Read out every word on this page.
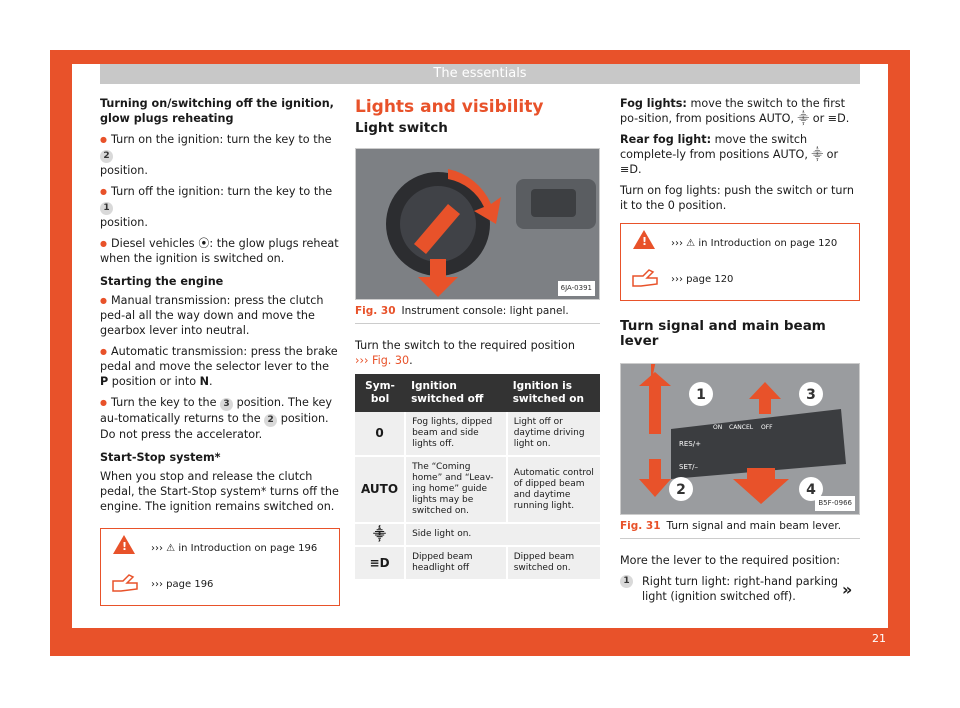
The essentials

Turning on/switching off the ignition, glow plugs reheating

● Turn on the ignition: turn the key to the 2
position.

● Turn off the ignition: turn the key to the 1
position.

● Diesel vehicles ⦿: the glow plugs reheat when the ignition is switched on.

Starting the engine

● Manual transmission: press the clutch ped-al all the way down and move the gearbox lever into neutral.

● Automatic transmission: press the brake pedal and move the selector lever to the P position or into N.

● Turn the key to the 3 position. The key au-tomatically returns to the 2 position. Do not press the accelerator.

Start-Stop system*

When you stop and release the clutch pedal, the Start-Stop system* turns off the engine. The ignition remains switched on.

!
››› ⚠ in Introduction on page 196
››› page 196
Lights and visibility
Light switch
6JA-0391
Fig. 30 Instrument console: light panel.

Turn the switch to the required position
››› Fig. 30.

Sym-bol	Ignition switched off	Ignition is switched on
0	Fog lights, dipped beam and side lights off.	Light off or daytime driving light on.
AUTO	The “Coming home” and “Leav-ing home” guide lights may be switched on.	Automatic control of dipped beam and daytime running light.
⸎	Side light on.	
≡D	Dipped beam headlight off	Dipped beam switched on.

Fog lights: move the switch to the first po-sition, from positions AUTO, ⸎ or ≡D.

Rear fog light: move the switch complete-ly from positions AUTO, ⸎ or ≡D.

Turn on fog lights: push the switch or turn it to the 0 position.

!
››› ⚠ in Introduction on page 120
››› page 120
Turn signal and main beam lever
1	3
2	4
RES/+
SET/–
ON CANCEL OFF
B5F-0966
Fig. 31 Turn signal and main beam lever.

More the lever to the required position:

1	Right turn light: right-hand parking light (ignition switched off).	»
21
